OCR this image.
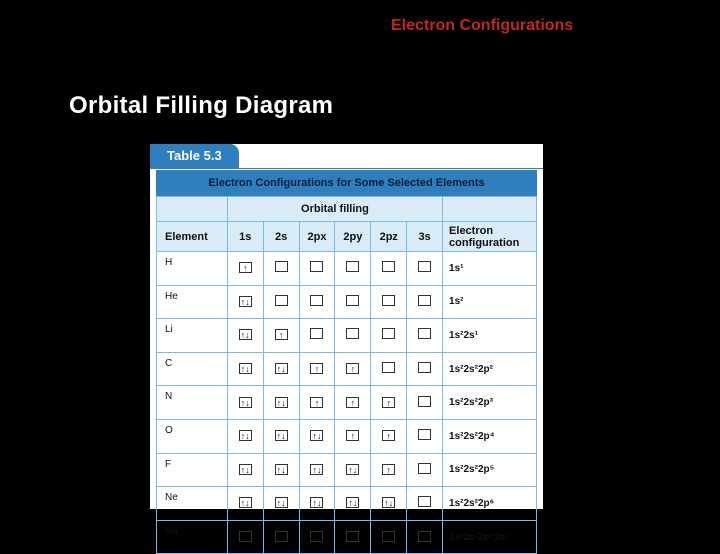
Electron Configurations
Orbital Filling Diagram
Table 5.3
Electron Configurations for Some Selected Elements
	Orbital filling						
Element	1s	2s	2px	2py	2pz	3s	Electron configuration
H	↑						1s¹
He	↑↓						1s²
Li	↑↓	↑					1s²2s¹
C	↑↓	↑↓	↑	↑			1s²2s²2p²
N	↑↓	↑↓	↑	↑	↑		1s²2s²2p³
O	↑↓	↑↓	↑↓	↑	↑		1s²2s²2p⁴
F	↑↓	↑↓	↑↓	↑↓	↑		1s²2s²2p⁵
Ne	↑↓	↑↓	↑↓	↑↓	↑↓		1s²2s²2p⁶
Na	↑↓	↑↓	↑↓	↑↓	↑↓	↑	1s²2s²2p⁶3s¹
